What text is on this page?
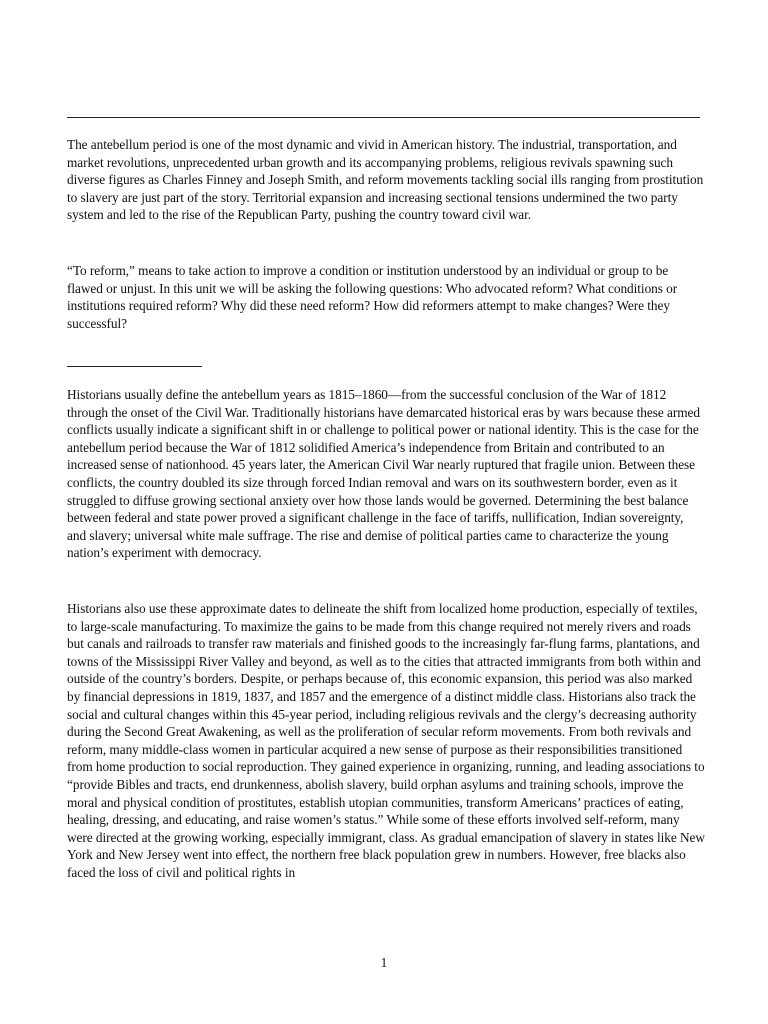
The antebellum period is one of the most dynamic and vivid in American history. The industrial, transportation, and market revolutions, unprecedented urban growth and its accompanying problems, religious revivals spawning such diverse figures as Charles Finney and Joseph Smith, and reform movements tackling social ills ranging from prostitution to slavery are just part of the story. Territorial expansion and increasing sectional tensions undermined the two party system and led to the rise of the Republican Party, pushing the country toward civil war.

“To reform,” means to take action to improve a condition or institution understood by an individual or group to be flawed or unjust. In this unit we will be asking the following questions: Who advocated reform? What conditions or institutions required reform? Why did these need reform? How did reformers attempt to make changes? Were they successful?

Historians usually define the antebellum years as 1815–1860—from the successful conclusion of the War of 1812 through the onset of the Civil War. Traditionally historians have demarcated historical eras by wars because these armed conflicts usually indicate a significant shift in or challenge to political power or national identity. This is the case for the antebellum period because the War of 1812 solidified America’s independence from Britain and contributed to an increased sense of nationhood. 45 years later, the American Civil War nearly ruptured that fragile union. Between these conflicts, the country doubled its size through forced Indian removal and wars on its southwestern border, even as it struggled to diffuse growing sectional anxiety over how those lands would be governed. Determining the best balance between federal and state power proved a significant challenge in the face of tariffs, nullification, Indian sovereignty, and slavery; universal white male suffrage. The rise and demise of political parties came to characterize the young nation’s experiment with democracy.

Historians also use these approximate dates to delineate the shift from localized home production, especially of textiles, to large-scale manufacturing. To maximize the gains to be made from this change required not merely rivers and roads but canals and railroads to transfer raw materials and finished goods to the increasingly far-flung farms, plantations, and towns of the Mississippi River Valley and beyond, as well as to the cities that attracted immigrants from both within and outside of the country’s borders. Despite, or perhaps because of, this economic expansion, this period was also marked by financial depressions in 1819, 1837, and 1857 and the emergence of a distinct middle class. Historians also track the social and cultural changes within this 45-year period, including religious revivals and the clergy’s decreasing authority during the Second Great Awakening, as well as the proliferation of secular reform movements. From both revivals and reform, many middle-class women in particular acquired a new sense of purpose as their responsibilities transitioned from home production to social reproduction. They gained experience in organizing, running, and leading associations to “provide Bibles and tracts, end drunkenness, abolish slavery, build orphan asylums and training schools, improve the moral and physical condition of prostitutes, establish utopian communities, transform Americans’ practices of eating, healing, dressing, and educating, and raise women’s status.” While some of these efforts involved self-reform, many were directed at the growing working, especially immigrant, class. As gradual emancipation of slavery in states like New York and New Jersey went into effect, the northern free black population grew in numbers. However, free blacks also faced the loss of civil and political rights in

1
